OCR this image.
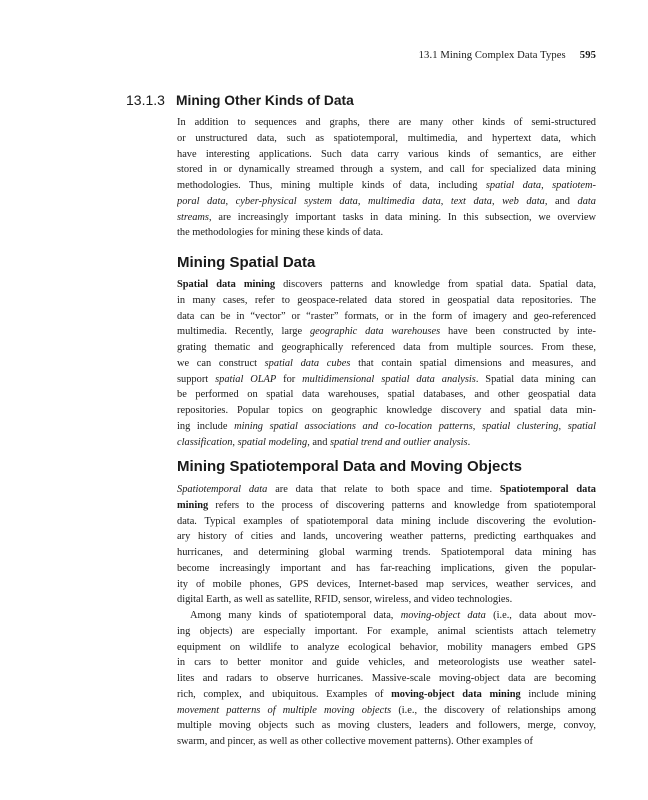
13.1 Mining Complex Data Types 595
13.1.3 Mining Other Kinds of Data
In addition to sequences and graphs, there are many other kinds of semi-structured
or unstructured data, such as spatiotemporal, multimedia, and hypertext data, which
have interesting applications. Such data carry various kinds of semantics, are either
stored in or dynamically streamed through a system, and call for specialized data mining
methodologies. Thus, mining multiple kinds of data, including spatial data, spatiotem-
poral data, cyber-physical system data, multimedia data, text data, web data, and data
streams, are increasingly important tasks in data mining. In this subsection, we overview
the methodologies for mining these kinds of data.
Mining Spatial Data
Spatial data mining discovers patterns and knowledge from spatial data. Spatial data,
in many cases, refer to geospace-related data stored in geospatial data repositories. The
data can be in “vector” or “raster” formats, or in the form of imagery and geo-referenced
multimedia. Recently, large geographic data warehouses have been constructed by inte-
grating thematic and geographically referenced data from multiple sources. From these,
we can construct spatial data cubes that contain spatial dimensions and measures, and
support spatial OLAP for multidimensional spatial data analysis. Spatial data mining can
be performed on spatial data warehouses, spatial databases, and other geospatial data
repositories. Popular topics on geographic knowledge discovery and spatial data min-
ing include mining spatial associations and co-location patterns, spatial clustering, spatial
classification, spatial modeling, and spatial trend and outlier analysis.
Mining Spatiotemporal Data and Moving Objects
Spatiotemporal data are data that relate to both space and time. Spatiotemporal data
mining refers to the process of discovering patterns and knowledge from spatiotemporal
data. Typical examples of spatiotemporal data mining include discovering the evolution-
ary history of cities and lands, uncovering weather patterns, predicting earthquakes and
hurricanes, and determining global warming trends. Spatiotemporal data mining has
become increasingly important and has far-reaching implications, given the popular-
ity of mobile phones, GPS devices, Internet-based map services, weather services, and
digital Earth, as well as satellite, RFID, sensor, wireless, and video technologies.
Among many kinds of spatiotemporal data, moving-object data (i.e., data about mov-
ing objects) are especially important. For example, animal scientists attach telemetry
equipment on wildlife to analyze ecological behavior, mobility managers embed GPS
in cars to better monitor and guide vehicles, and meteorologists use weather satel-
lites and radars to observe hurricanes. Massive-scale moving-object data are becoming
rich, complex, and ubiquitous. Examples of moving-object data mining include mining
movement patterns of multiple moving objects (i.e., the discovery of relationships among
multiple moving objects such as moving clusters, leaders and followers, merge, convoy,
swarm, and pincer, as well as other collective movement patterns). Other examples of
